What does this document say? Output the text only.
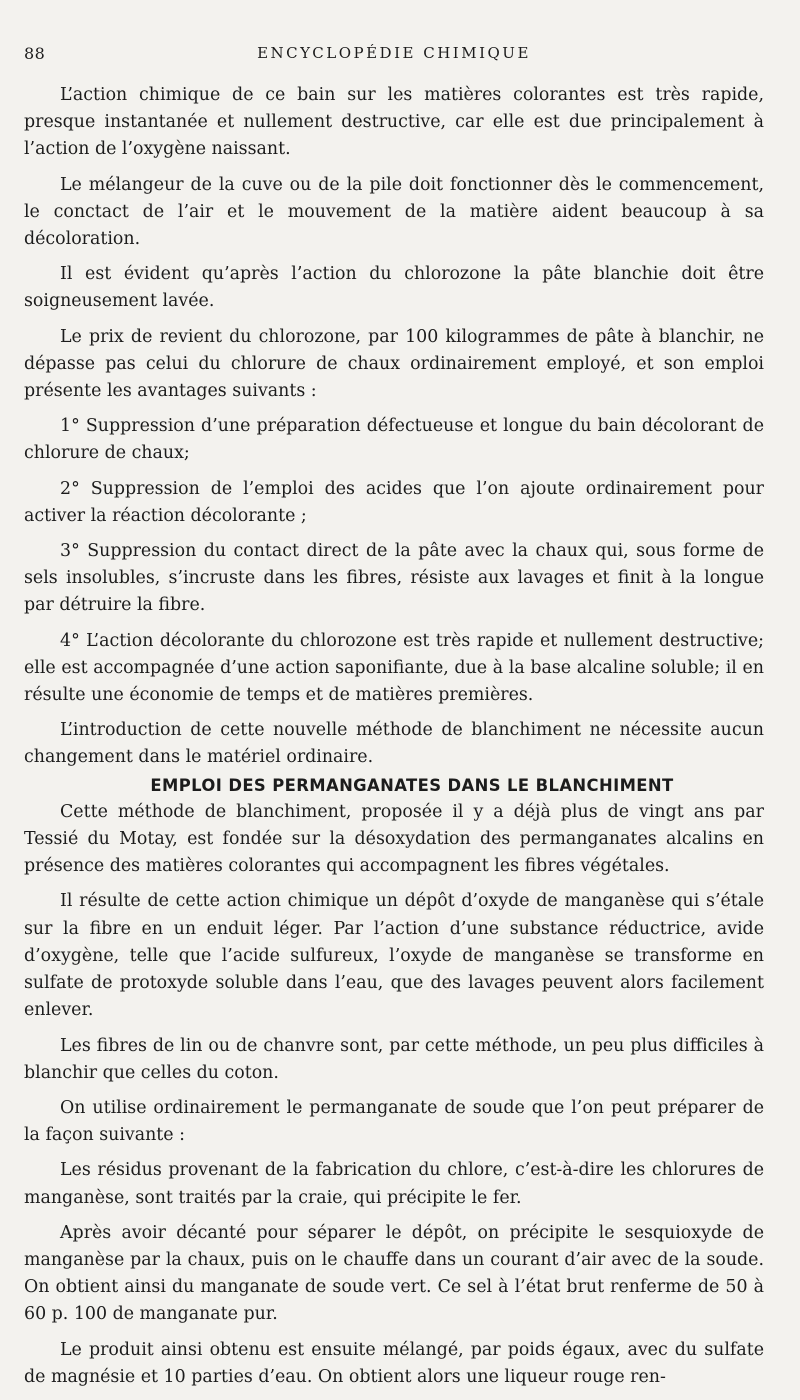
88	ENCYCLOPÉDIE CHIMIQUE

L’action chimique de ce bain sur les matières colorantes est très rapide, presque instantanée et nullement destructive, car elle est due principalement à l’action de l’oxygène naissant.

Le mélangeur de la cuve ou de la pile doit fonctionner dès le commencement, le conctact de l’air et le mouvement de la matière aident beaucoup à sa décoloration.

Il est évident qu’après l’action du chlorozone la pâte blanchie doit être soigneusement lavée.

Le prix de revient du chlorozone, par 100 kilogrammes de pâte à blanchir, ne dépasse pas celui du chlorure de chaux ordinairement employé, et son emploi présente les avantages suivants :

1° Suppression d’une préparation défectueuse et longue du bain décolorant de chlorure de chaux;

2° Suppression de l’emploi des acides que l’on ajoute ordinairement pour activer la réaction décolorante ;

3° Suppression du contact direct de la pâte avec la chaux qui, sous forme de sels insolubles, s’incruste dans les fibres, résiste aux lavages et finit à la longue par détruire la fibre.

4° L’action décolorante du chlorozone est très rapide et nullement destructive; elle est accompagnée d’une action saponifiante, due à la base alcaline soluble; il en résulte une économie de temps et de matières premières.

L’introduction de cette nouvelle méthode de blanchiment ne nécessite aucun changement dans le matériel ordinaire.

EMPLOI DES PERMANGANATES DANS LE BLANCHIMENT

Cette méthode de blanchiment, proposée il y a déjà plus de vingt ans par Tessié du Motay, est fondée sur la désoxydation des permanganates alcalins en présence des matières colorantes qui accompagnent les fibres végétales.

Il résulte de cette action chimique un dépôt d’oxyde de manganèse qui s’étale sur la fibre en un enduit léger. Par l’action d’une substance réductrice, avide d’oxygène, telle que l’acide sulfureux, l’oxyde de manganèse se transforme en sulfate de protoxyde soluble dans l’eau, que des lavages peuvent alors facilement enlever.

Les fibres de lin ou de chanvre sont, par cette méthode, un peu plus difficiles à blanchir que celles du coton.

On utilise ordinairement le permanganate de soude que l’on peut préparer de la façon suivante :

Les résidus provenant de la fabrication du chlore, c’est-à-dire les chlorures de manganèse, sont traités par la craie, qui précipite le fer.

Après avoir décanté pour séparer le dépôt, on précipite le sesquioxyde de manganèse par la chaux, puis on le chauffe dans un courant d’air avec de la soude. On obtient ainsi du manganate de soude vert. Ce sel à l’état brut renferme de 50 à 60 p. 100 de manganate pur.

Le produit ainsi obtenu est ensuite mélangé, par poids égaux, avec du sulfate de magnésie et 10 parties d’eau. On obtient alors une liqueur rouge ren-
